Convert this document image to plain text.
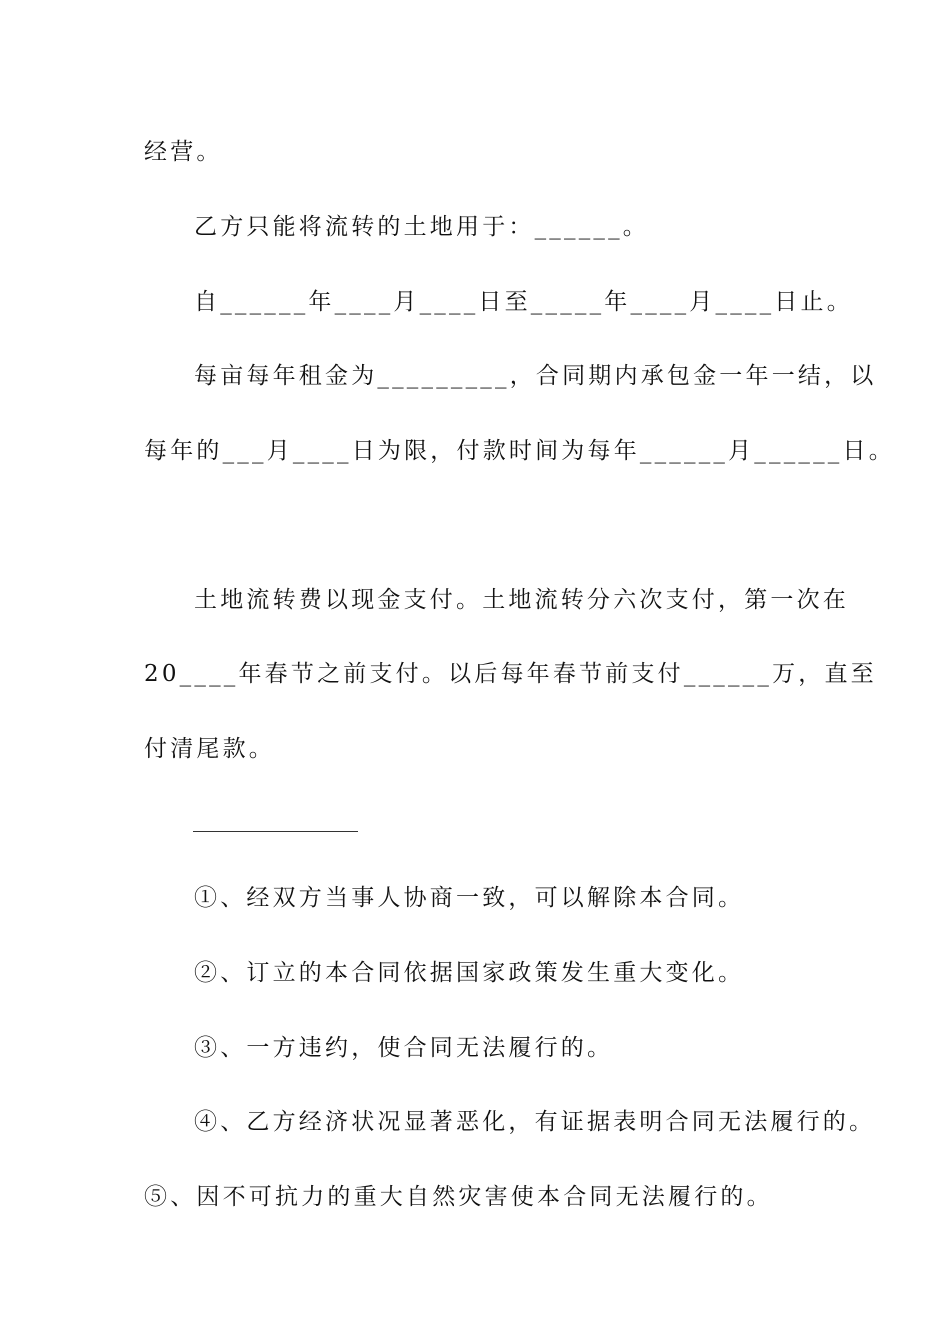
经营。
乙方只能将流转的土地用于：______。
自______年____月____日至_____年____月____日止。
每亩每年租金为_________，合同期内承包金一年一结，以
每年的___月____日为限，付款时间为每年______月______日。
土地流转费以现金支付。土地流转分六次支付，第一次在
20____年春节之前支付。以后每年春节前支付______万，直至
付清尾款。
①、经双方当事人协商一致，可以解除本合同。
②、订立的本合同依据国家政策发生重大变化。
③、一方违约，使合同无法履行的。
④、乙方经济状况显著恶化，有证据表明合同无法履行的。
⑤、因不可抗力的重大自然灾害使本合同无法履行的。
